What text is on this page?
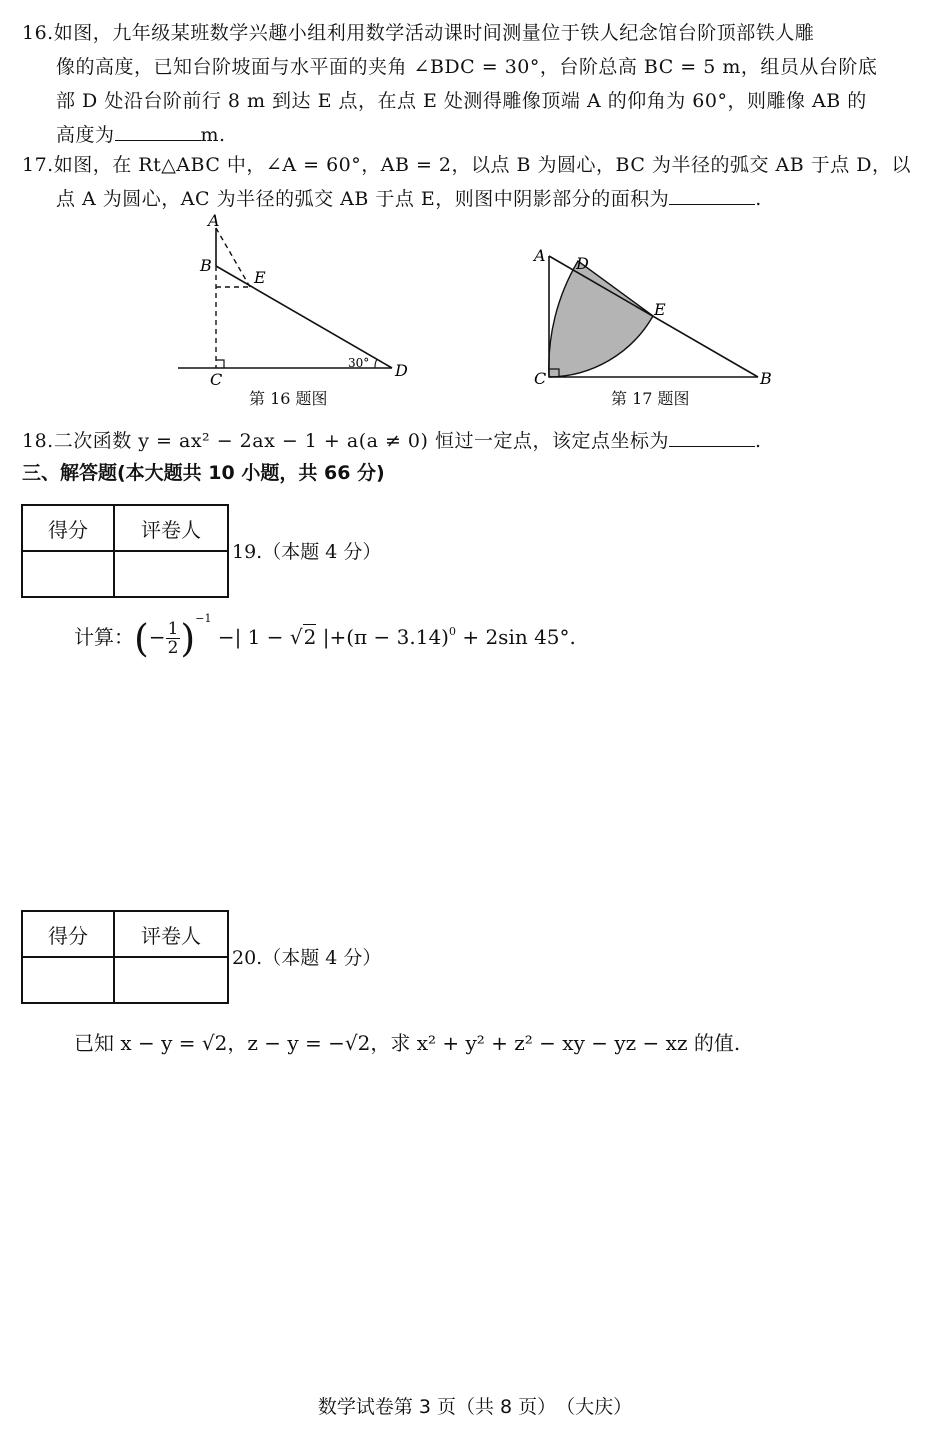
16.如图，九年级某班数学兴趣小组利用数学活动课时间测量位于铁人纪念馆台阶顶部铁人雕
像的高度，已知台阶坡面与水平面的夹角 ∠BDC = 30°，台阶总高 BC = 5 m，组员从台阶底
部 D 处沿台阶前行 8 m 到达 E 点，在点 E 处测得雕像顶端 A 的仰角为 60°，则雕像 AB 的
高度为	m.
17.如图，在 Rt△ABC 中，∠A = 60°，AB = 2，以点 B 为圆心，BC 为半径的弧交 AB 于点 D，以
点 A 为圆心，AC 为半径的弧交 AB 于点 E，则图中阴影部分的面积为	.
A
B
E
C	D
30°
第 16 题图
A D
E
C	B
第 17 题图
18.二次函数 y = ax² − 2ax − 1 + a(a ≠ 0) 恒过一定点，该定点坐标为	.
三、解答题(本大题共 10 小题，共 66 分)
得分	评卷人

19.（本题 4 分）
计算：(− $\frac{1}{2} )^{-1}$ −| 1 − √2 $|+(\pi - 3.14)^0 + 2\sin$ 45°.
得分	评卷人

20.（本题 4 分）
已知 x − y = √2，z − y = −√2，求 x² + y² + z² − xy − yz − xz 的值.
数学试卷第 3 页（共 8 页）　（大庆）
